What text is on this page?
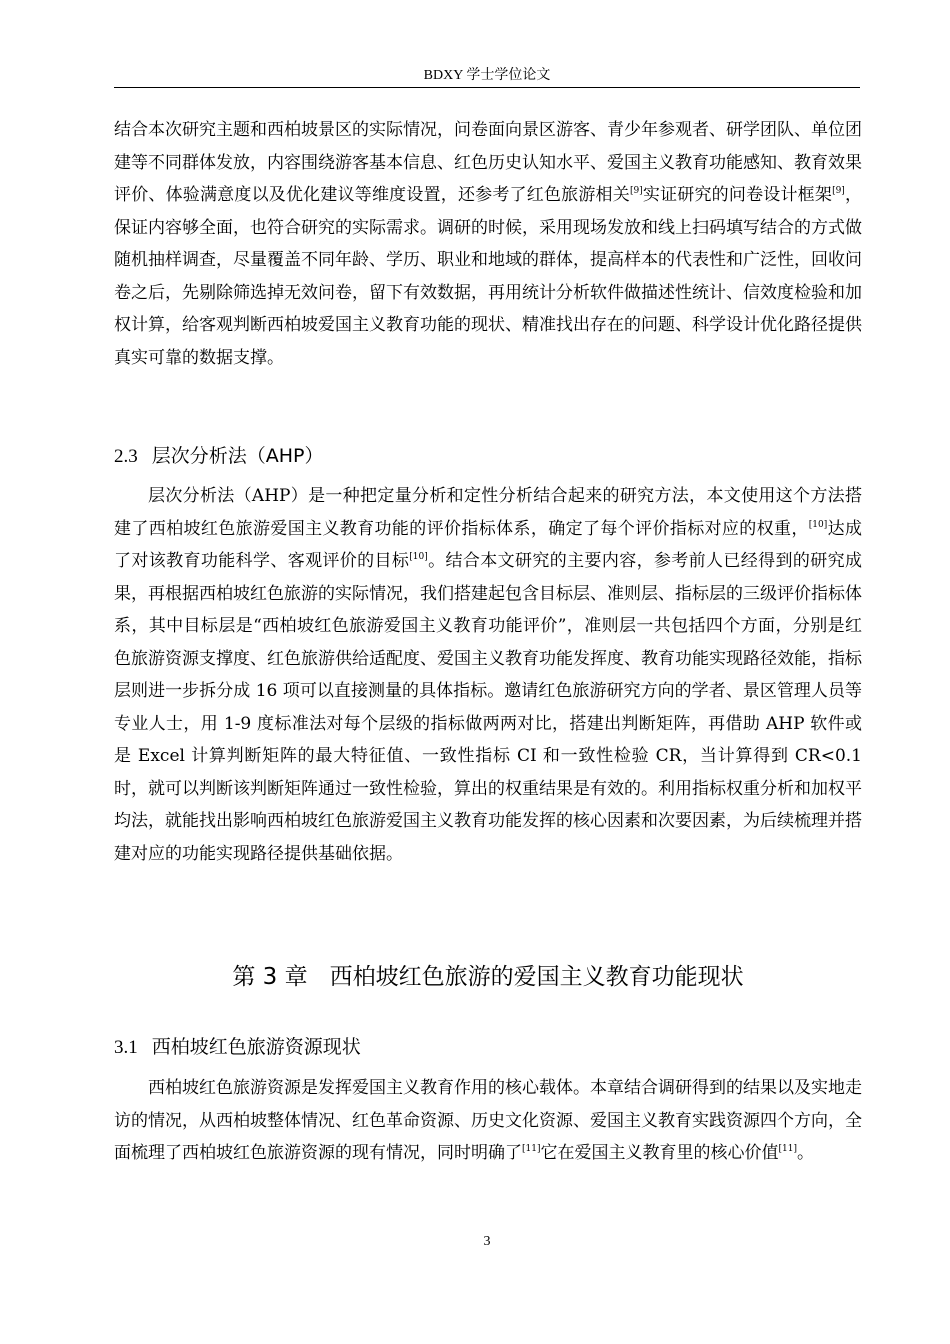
BDXY 学士学位论文

结合本次研究主题和西柏坡景区的实际情况，问卷面向景区游客、青少年参观者、研学团队、单位团建等不同群体发放，内容围绕游客基本信息、红色历史认知水平、爱国主义教育功能感知、教育效果评价、体验满意度以及优化建议等维度设置，还参考了红色旅游相关[9]实证研究的问卷设计框架[9]，保证内容够全面，也符合研究的实际需求。调研的时候，采用现场发放和线上扫码填写结合的方式做随机抽样调查，尽量覆盖不同年龄、学历、职业和地域的群体，提高样本的代表性和广泛性，回收问卷之后，先剔除筛选掉无效问卷，留下有效数据，再用统计分析软件做描述性统计、信效度检验和加权计算，给客观判断西柏坡爱国主义教育功能的现状、精准找出存在的问题、科学设计优化路径提供真实可靠的数据支撑。

2.3 层次分析法（AHP）

层次分析法（AHP）是一种把定量分析和定性分析结合起来的研究方法，本文使用这个方法搭建了西柏坡红色旅游爱国主义教育功能的评价指标体系，确定了每个评价指标对应的权重，[10]达成了对该教育功能科学、客观评价的目标[10]。结合本文研究的主要内容，参考前人已经得到的研究成果，再根据西柏坡红色旅游的实际情况，我们搭建起包含目标层、准则层、指标层的三级评价指标体系，其中目标层是“西柏坡红色旅游爱国主义教育功能评价”，准则层一共包括四个方面，分别是红色旅游资源支撑度、红色旅游供给适配度、爱国主义教育功能发挥度、教育功能实现路径效能，指标层则进一步拆分成 16 项可以直接测量的具体指标。邀请红色旅游研究方向的学者、景区管理人员等专业人士，用 1-9 度标准法对每个层级的指标做两两对比，搭建出判断矩阵，再借助 AHP 软件或是 Excel 计算判断矩阵的最大特征值、一致性指标 CI 和一致性检验 CR，当计算得到 CR<0.1 时，就可以判断该判断矩阵通过一致性检验，算出的权重结果是有效的。利用指标权重分析和加权平均法，就能找出影响西柏坡红色旅游爱国主义教育功能发挥的核心因素和次要因素，为后续梳理并搭建对应的功能实现路径提供基础依据。

第 3 章 西柏坡红色旅游的爱国主义教育功能现状
3.1 西柏坡红色旅游资源现状

西柏坡红色旅游资源是发挥爱国主义教育作用的核心载体。本章结合调研得到的结果以及实地走访的情况，从西柏坡整体情况、红色革命资源、历史文化资源、爱国主义教育实践资源四个方向，全面梳理了西柏坡红色旅游资源的现有情况，同时明确了[11]它在爱国主义教育里的核心价值[11]。

3
